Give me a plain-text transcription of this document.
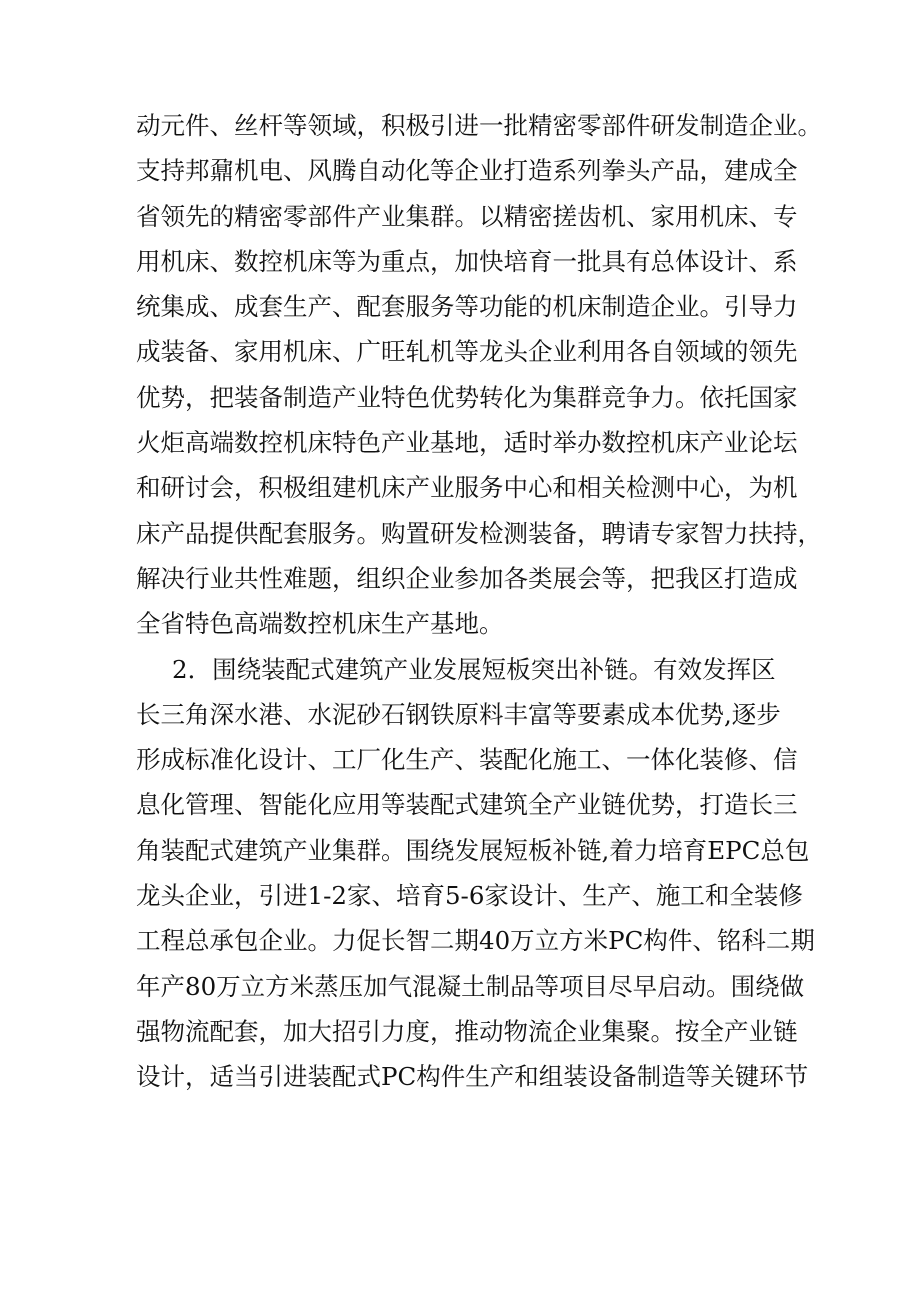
动元件、丝杆等领域，积极引进一批精密零部件研发制造企业。
支持邦鼐机电、风腾自动化等企业打造系列拳头产品，建成全
省领先的精密零部件产业集群。以精密搓齿机、家用机床、专
用机床、数控机床等为重点，加快培育一批具有总体设计、系
统集成、成套生产、配套服务等功能的机床制造企业。引导力
成装备、家用机床、广旺轧机等龙头企业利用各自领域的领先
优势，把装备制造产业特色优势转化为集群竞争力。依托国家
火炬高端数控机床特色产业基地，适时举办数控机床产业论坛
和研讨会，积极组建机床产业服务中心和相关检测中心，为机
床产品提供配套服务。购置研发检测装备，聘请专家智力扶持，
解决行业共性难题，组织企业参加各类展会等，把我区打造成
全省特色高端数控机床生产基地。
2．围绕装配式建筑产业发展短板突出补链。有效发挥区
长三角深水港、水泥砂石钢铁原料丰富等要素成本优势,逐步
形成标准化设计、工厂化生产、装配化施工、一体化装修、信
息化管理、智能化应用等装配式建筑全产业链优势，打造长三
角装配式建筑产业集群。围绕发展短板补链,着力培育EPC总包
龙头企业，引进1-2家、培育5-6家设计、生产、施工和全装修
工程总承包企业。力促长智二期40万立方米PC构件、铭科二期
年产80万立方米蒸压加气混凝土制品等项目尽早启动。围绕做
强物流配套，加大招引力度，推动物流企业集聚。按全产业链
设计，适当引进装配式PC构件生产和组装设备制造等关键环节
